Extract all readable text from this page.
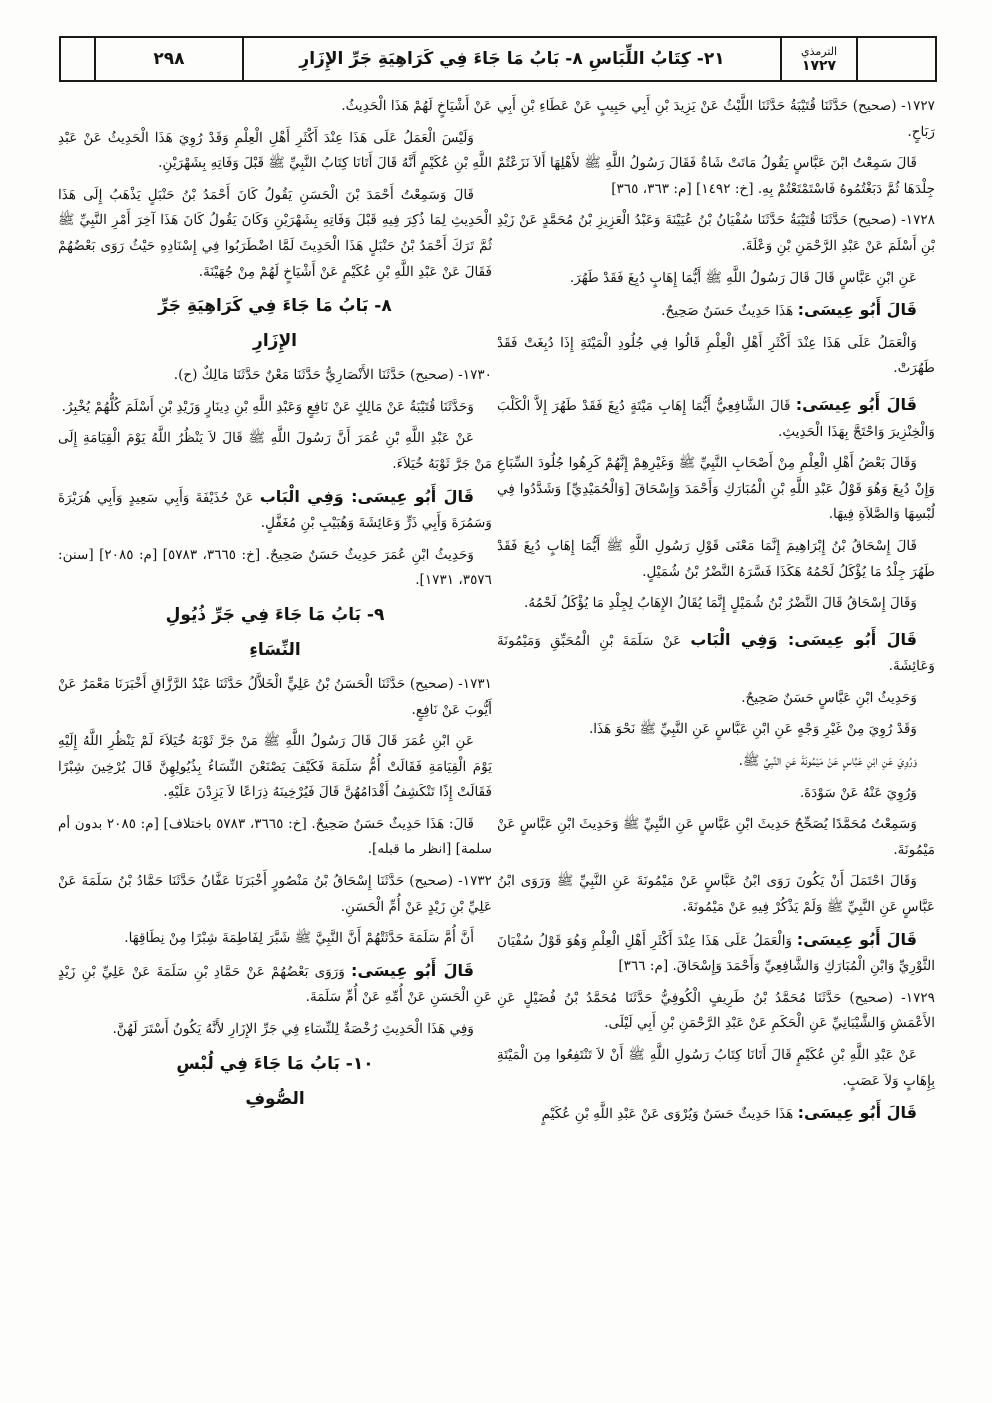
٢٩٨	٢١- كِتَابُ اللِّبَاسِ ٨- بَابُ مَا جَاءَ فِي كَرَاهِيَةِ جَرِّ الإِزَارِ	الترمذي
١٧٢٧

١٧٢٧- (صحيح) حَدَّثَنَا قُتَيْبَةُ حَدَّثَنَا اللَّيْثُ عَنْ يَزِيدَ بْنِ أَبِي حَبِيبٍ عَنْ عَطَاءِ بْنِ أَبِي رَبَاحٍ.

قَالَ سَمِعْتُ ابْنَ عَبَّاسٍ يَقُولُ مَاتَتْ شَاةٌ فَقَالَ رَسُولُ اللَّهِ ﷺ لأَهْلِهَا أَلاَ نَزَعْتُمْ جِلْدَهَا ثُمَّ دَبَغْتُمُوهُ فَاسْتَمْتَعْتُمْ بِهِ. [خ: ١٤٩٢] [م: ٣٦٣، ٣٦٥]

١٧٢٨- (صحيح) حَدَّثَنَا قُتَيْبَةُ حَدَّثَنَا سُفْيَانُ بْنُ عُيَيْنَةَ وَعَبْدُ الْعَزِيزِ بْنُ مُحَمَّدٍ عَنْ زَيْدِ بْنِ أَسْلَمَ عَنْ عَبْدِ الرَّحْمَنِ بْنِ وَعْلَةَ.

عَنِ ابْنِ عَبَّاسٍ قَالَ قَالَ رَسُولُ اللَّهِ ﷺ أَيُّمَا إِهَابٍ دُبِغَ فَقَدْ طَهُرَ.

قَالَ أَبُو عِيسَى: هَذَا حَدِيثٌ حَسَنٌ صَحِيحٌ.

وَالْعَمَلُ عَلَى هَذَا عِنْدَ أَكْثَرِ أَهْلِ الْعِلْمِ قَالُوا فِي جُلُودِ الْمَيْتَةِ إِذَا دُبِغَتْ فَقَدْ طَهُرَتْ.

قَالَ أَبُو عِيسَى: قَالَ الشَّافِعِيُّ أَيُّمَا إِهَابِ مَيْتَةٍ دُبِغَ فَقَدْ طَهُرَ إِلاَّ الْكَلْبَ وَالْخِنْزِيرَ وَاحْتَجَّ بِهَذَا الْحَدِيثِ.

وَقَالَ بَعْضُ أَهْلِ الْعِلْمِ مِنْ أَصْحَابِ النَّبِيِّ ﷺ وَغَيْرِهِمْ إِنَّهُمْ كَرِهُوا جُلُودَ السِّبَاعِ وَإِنْ دُبِغَ وَهُوَ قَوْلُ عَبْدِ اللَّهِ بْنِ الْمُبَارَكِ وَأَحْمَدَ وَإِسْحَاقَ [وَالْحُمَيْدِيِّ] وَشَدَّدُوا فِي لُبْسِهَا وَالصَّلاَةِ فِيهَا.

قَالَ إِسْحَاقُ بْنُ إِبْرَاهِيمَ إِنَّمَا مَعْنَى قَوْلِ رَسُولِ اللَّهِ ﷺ أَيُّمَا إِهَابٍ دُبِغَ فَقَدْ طَهُرَ جِلْدُ مَا يُؤْكَلُ لَحْمُهُ هَكَذَا فَسَّرَهُ النَّضْرُ بْنُ شُمَيْلٍ.

وَقَالَ إِسْحَاقُ قَالَ النَّضْرُ بْنُ شُمَيْلٍ إِنَّمَا يُقَالُ الإِهَابُ لِجِلْدِ مَا يُؤْكَلُ لَحْمُهُ.

قَالَ أَبُو عِيسَى: وَفِي الْبَاب عَنْ سَلَمَةَ بْنِ الْمُحَبِّقِ وَمَيْمُونَةَ وَعَائِشَةَ.

وَحَدِيثُ ابْنِ عَبَّاسٍ حَسَنٌ صَحِيحٌ.

وَقَدْ رُوِيَ مِنْ غَيْرِ وَجْهٍ عَنِ ابْنِ عَبَّاسٍ عَنِ النَّبِيِّ ﷺ نَحْوَ هَذَا.

وَرُوِيَ عَنِ ابْنِ عَبَّاسٍ عَنْ مَيْمُونَةَ عَنِ النَّبِيِّ ﷺ.

وَرُوِيَ عَنْهُ عَنْ سَوْدَةَ.

وَسَمِعْتُ مُحَمَّدًا يُصَحِّحُ حَدِيثَ ابْنِ عَبَّاسٍ عَنِ النَّبِيِّ ﷺ وَحَدِيثَ ابْنِ عَبَّاسٍ عَنْ مَيْمُونَةَ.

وَقَالَ احْتَمَلَ أَنْ يَكُونَ رَوَى ابْنُ عَبَّاسٍ عَنْ مَيْمُونَةَ عَنِ النَّبِيِّ ﷺ وَرَوَى ابْنُ عَبَّاسٍ عَنِ النَّبِيِّ ﷺ وَلَمْ يَذْكُرْ فِيهِ عَنْ مَيْمُونَةَ.

قَالَ أَبُو عِيسَى: وَالْعَمَلُ عَلَى هَذَا عِنْدَ أَكْثَرِ أَهْلِ الْعِلْمِ وَهُوَ قَوْلُ سُفْيَانَ الثَّوْرِيِّ وَابْنِ الْمُبَارَكِ وَالشَّافِعِيِّ وَأَحْمَدَ وَإِسْحَاقَ. [م: ٣٦٦]

١٧٢٩- (صحيح) حَدَّثَنَا مُحَمَّدُ بْنُ طَرِيفٍ الْكُوفِيُّ حَدَّثَنَا مُحَمَّدُ بْنُ فُضَيْلٍ عَنِ الأَعْمَشِ وَالشَّيْبَانِيِّ عَنِ الْحَكَمِ عَنْ عَبْدِ الرَّحْمَنِ بْنِ أَبِي لَيْلَى.

عَنْ عَبْدِ اللَّهِ بْنِ عُكَيْمٍ قَالَ أَتَانَا كِتَابُ رَسُولِ اللَّهِ ﷺ أَنْ لاَ تَنْتَفِعُوا مِنَ الْمَيْتَةِ بِإِهَابٍ وَلاَ عَصَبٍ.

قَالَ أَبُو عِيسَى: هَذَا حَدِيثٌ حَسَنٌ وَيُرْوَى عَنْ عَبْدِ اللَّهِ بْنِ عُكَيْمٍ

عَنْ أَشْيَاخٍ لَهُمْ هَذَا الْحَدِيثُ.

وَلَيْسَ الْعَمَلُ عَلَى هَذَا عِنْدَ أَكْثَرِ أَهْلِ الْعِلْمِ وَقَدْ رُوِيَ هَذَا الْحَدِيثُ عَنْ عَبْدِ اللَّهِ بْنِ عُكَيْمٍ أَنَّهُ قَالَ أَتَانَا كِتَابُ النَّبِيِّ ﷺ قَبْلَ وَفَاتِهِ بِشَهْرَيْنِ.

قَالَ وَسَمِعْتُ أَحْمَدَ بْنَ الْحَسَنِ يَقُولُ كَانَ أَحْمَدُ بْنُ حَنْبَلٍ يَذْهَبُ إِلَى هَذَا الْحَدِيثِ لِمَا ذُكِرَ فِيهِ قَبْلَ وَفَاتِهِ بِشَهْرَيْنِ وَكَانَ يَقُولُ كَانَ هَذَا آخِرَ أَمْرِ النَّبِيِّ ﷺ ثُمَّ تَرَكَ أَحْمَدُ بْنُ حَنْبَلٍ هَذَا الْحَدِيثَ لَمَّا اضْطَرَبُوا فِي إِسْنَادِهِ حَيْثُ رَوَى بَعْضُهُمْ فَقَالَ عَنْ عَبْدِ اللَّهِ بْنِ عُكَيْمٍ عَنْ أَشْيَاخٍ لَهُمْ مِنْ جُهَيْنَةَ.

٨- بَابُ مَا جَاءَ فِي كَرَاهِيَةِ جَرِّ
الإِزَارِ

١٧٣٠- (صحيح) حَدَّثَنَا الأَنْصَارِيُّ حَدَّثَنَا مَعْنٌ حَدَّثَنَا مَالِكٌ (ح).

وَحَدَّثَنَا قُتَيْبَةُ عَنْ مَالِكٍ عَنْ نَافِعٍ وَعَبْدِ اللَّهِ بْنِ دِينَارٍ وَزَيْدِ بْنِ أَسْلَمَ كُلُّهُمْ يُخْبِرُ.

عَنْ عَبْدِ اللَّهِ بْنِ عُمَرَ أَنَّ رَسُولَ اللَّهِ ﷺ قَالَ لاَ يَنْظُرُ اللَّهُ يَوْمَ الْقِيَامَةِ إِلَى مَنْ جَرَّ ثَوْبَهُ خُيَلاَءَ.

قَالَ أَبُو عِيسَى: وَفِي الْبَاب عَنْ حُذَيْفَةَ وَأَبِي سَعِيدٍ وَأَبِي هُرَيْرَةَ وَسَمُرَةَ وَأَبِي ذَرٍّ وَعَائِشَةَ وَهُبَيْبِ بْنِ مُغَفَّلٍ.

وَحَدِيثُ ابْنِ عُمَرَ حَدِيثٌ حَسَنٌ صَحِيحٌ. [خ: ٣٦٦٥، ٥٧٨٣] [م: ٢٠٨٥] [سنن: ٣٥٧٦، ١٧٣١].

٩- بَابُ مَا جَاءَ فِي جَرِّ ذُيُولِ
النِّسَاءِ

١٧٣١- (صحيح) حَدَّثَنَا الْحَسَنُ بْنُ عَلِيٍّ الْخَلاَّلُ حَدَّثَنَا عَبْدُ الرَّزَّاقِ أَخْبَرَنَا مَعْمَرٌ عَنْ أَيُّوبَ عَنْ نَافِعٍ.

عَنِ ابْنِ عُمَرَ قَالَ قَالَ رَسُولُ اللَّهِ ﷺ مَنْ جَرَّ ثَوْبَهُ خُيَلاَءَ لَمْ يَنْظُرِ اللَّهُ إِلَيْهِ يَوْمَ الْقِيَامَةِ فَقَالَتْ أُمُّ سَلَمَةَ فَكَيْفَ يَصْنَعْنَ النِّسَاءُ بِذُيُولِهِنَّ قَالَ يُرْخِينَ شِبْرًا فَقَالَتْ إِذًا تَنْكَشِفُ أَقْدَامُهُنَّ قَالَ فَيُرْخِينَهُ ذِرَاعًا لاَ يَزِدْنَ عَلَيْهِ.

قَالَ: هَذَا حَدِيثٌ حَسَنٌ صَحِيحٌ. [خ: ٣٦٦٥، ٥٧٨٣ باختلاف] [م: ٢٠٨٥ بدون أم سلمة] [انظر ما قبله].

١٧٣٢- (صحيح) حَدَّثَنَا إِسْحَاقُ بْنُ مَنْصُورٍ أَخْبَرَنَا عَفَّانُ حَدَّثَنَا حَمَّادُ بْنُ سَلَمَةَ عَنْ عَلِيِّ بْنِ زَيْدٍ عَنْ أُمِّ الْحَسَنِ.

أَنَّ أُمَّ سَلَمَةَ حَدَّثَتْهُمْ أَنَّ النَّبِيَّ ﷺ شَبَّرَ لِفَاطِمَةَ شِبْرًا مِنْ نِطَاقِهَا.

قَالَ أَبُو عِيسَى: وَرَوَى بَعْضُهُمْ عَنْ حَمَّادِ بْنِ سَلَمَةَ عَنْ عَلِيِّ بْنِ زَيْدٍ عَنِ الْحَسَنِ عَنْ أُمِّهِ عَنْ أُمِّ سَلَمَةَ.

وَفِي هَذَا الْحَدِيثِ رُخْصَةٌ لِلنِّسَاءِ فِي جَرِّ الإِزَارِ لأَنَّهُ يَكُونُ أَسْتَرَ لَهُنَّ.

١٠- بَابُ مَا جَاءَ فِي لُبْسِ
الصُّوفِ
